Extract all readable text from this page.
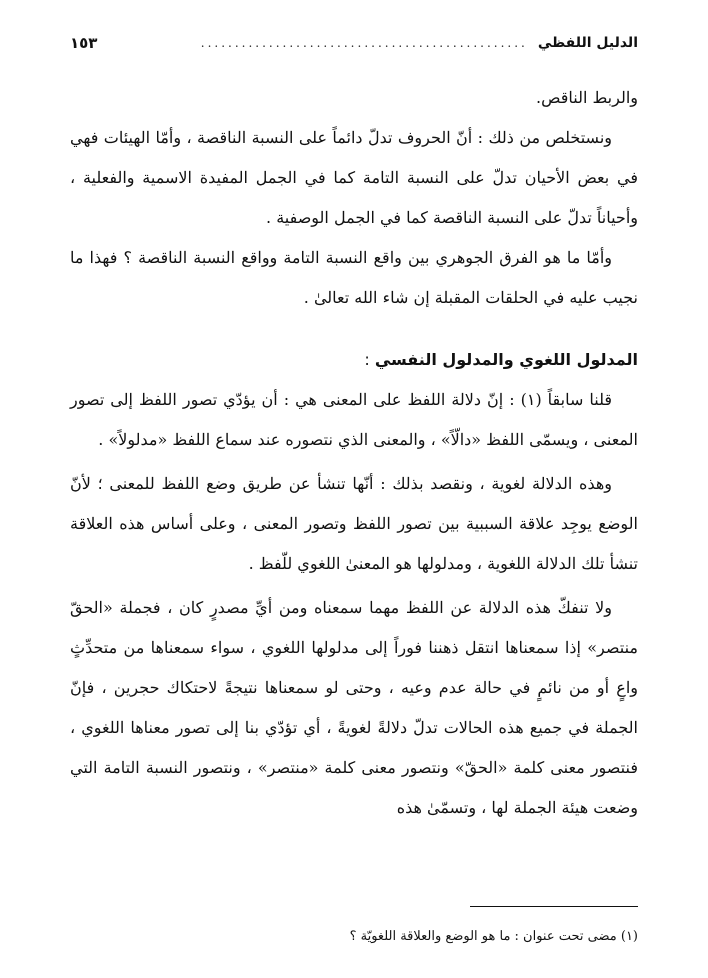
الدليل اللفظي
................................................
١٥٣

والربط الناقص.

ونستخلص من ذلك : أنّ الحروف تدلّ دائماً على النسبة الناقصة ، وأمّا الهيئات فهي في بعض الأحيان تدلّ على النسبة التامة كما في الجمل المفيدة الاسمية والفعلية ، وأحياناً تدلّ على النسبة الناقصة كما في الجمل الوصفية .

وأمّا ما هو الفرق الجوهري بين واقع النسبة التامة وواقع النسبة الناقصة ؟ فهذا ما نجيب عليه في الحلقات المقبلة إن شاء الله تعالىٰ .

المدلول اللغوي والمدلول النفسي :

قلنا سابقاً (١) : إنّ دلالة اللفظ على المعنى هي : أن يؤدّي تصور اللفظ إلى تصور المعنى ، ويسمّى اللفظ «دالّاً» ، والمعنى الذي نتصوره عند سماع اللفظ «مدلولاً» .

وهذه الدلالة لغوية ، ونقصد بذلك : أنّها تنشأ عن طريق وضع اللفظ للمعنى ؛ لأنّ الوضع يوجِد علاقة السببية بين تصور اللفظ وتصور المعنى ، وعلى أساس هذه العلاقة تنشأ تلك الدلالة اللغوية ، ومدلولها هو المعنىٰ اللغوي للّفظ .

ولا تنفكّ هذه الدلالة عن اللفظ مهما سمعناه ومن أيِّ مصدرٍ كان ، فجملة «الحقّ منتصر» إذا سمعناها انتقل ذهننا فوراً إلى مدلولها اللغوي ، سواء سمعناها من متحدِّثٍ واعٍ أو من نائمٍ في حالة عدم وعيه ، وحتى لو سمعناها نتيجةً لاحتكاك حجرين ، فإنّ الجملة في جميع هذه الحالات تدلّ دلالةً لغويةً ، أي تؤدّي بنا إلى تصور معناها اللغوي ، فنتصور معنى كلمة «الحقّ» ونتصور معنى كلمة «منتصر» ، ونتصور النسبة التامة التي وضعت هيئة الجملة لها ، وتسمّىٰ هذه

(١) مضى تحت عنوان : ما هو الوضع والعلاقة اللغويّة ؟
